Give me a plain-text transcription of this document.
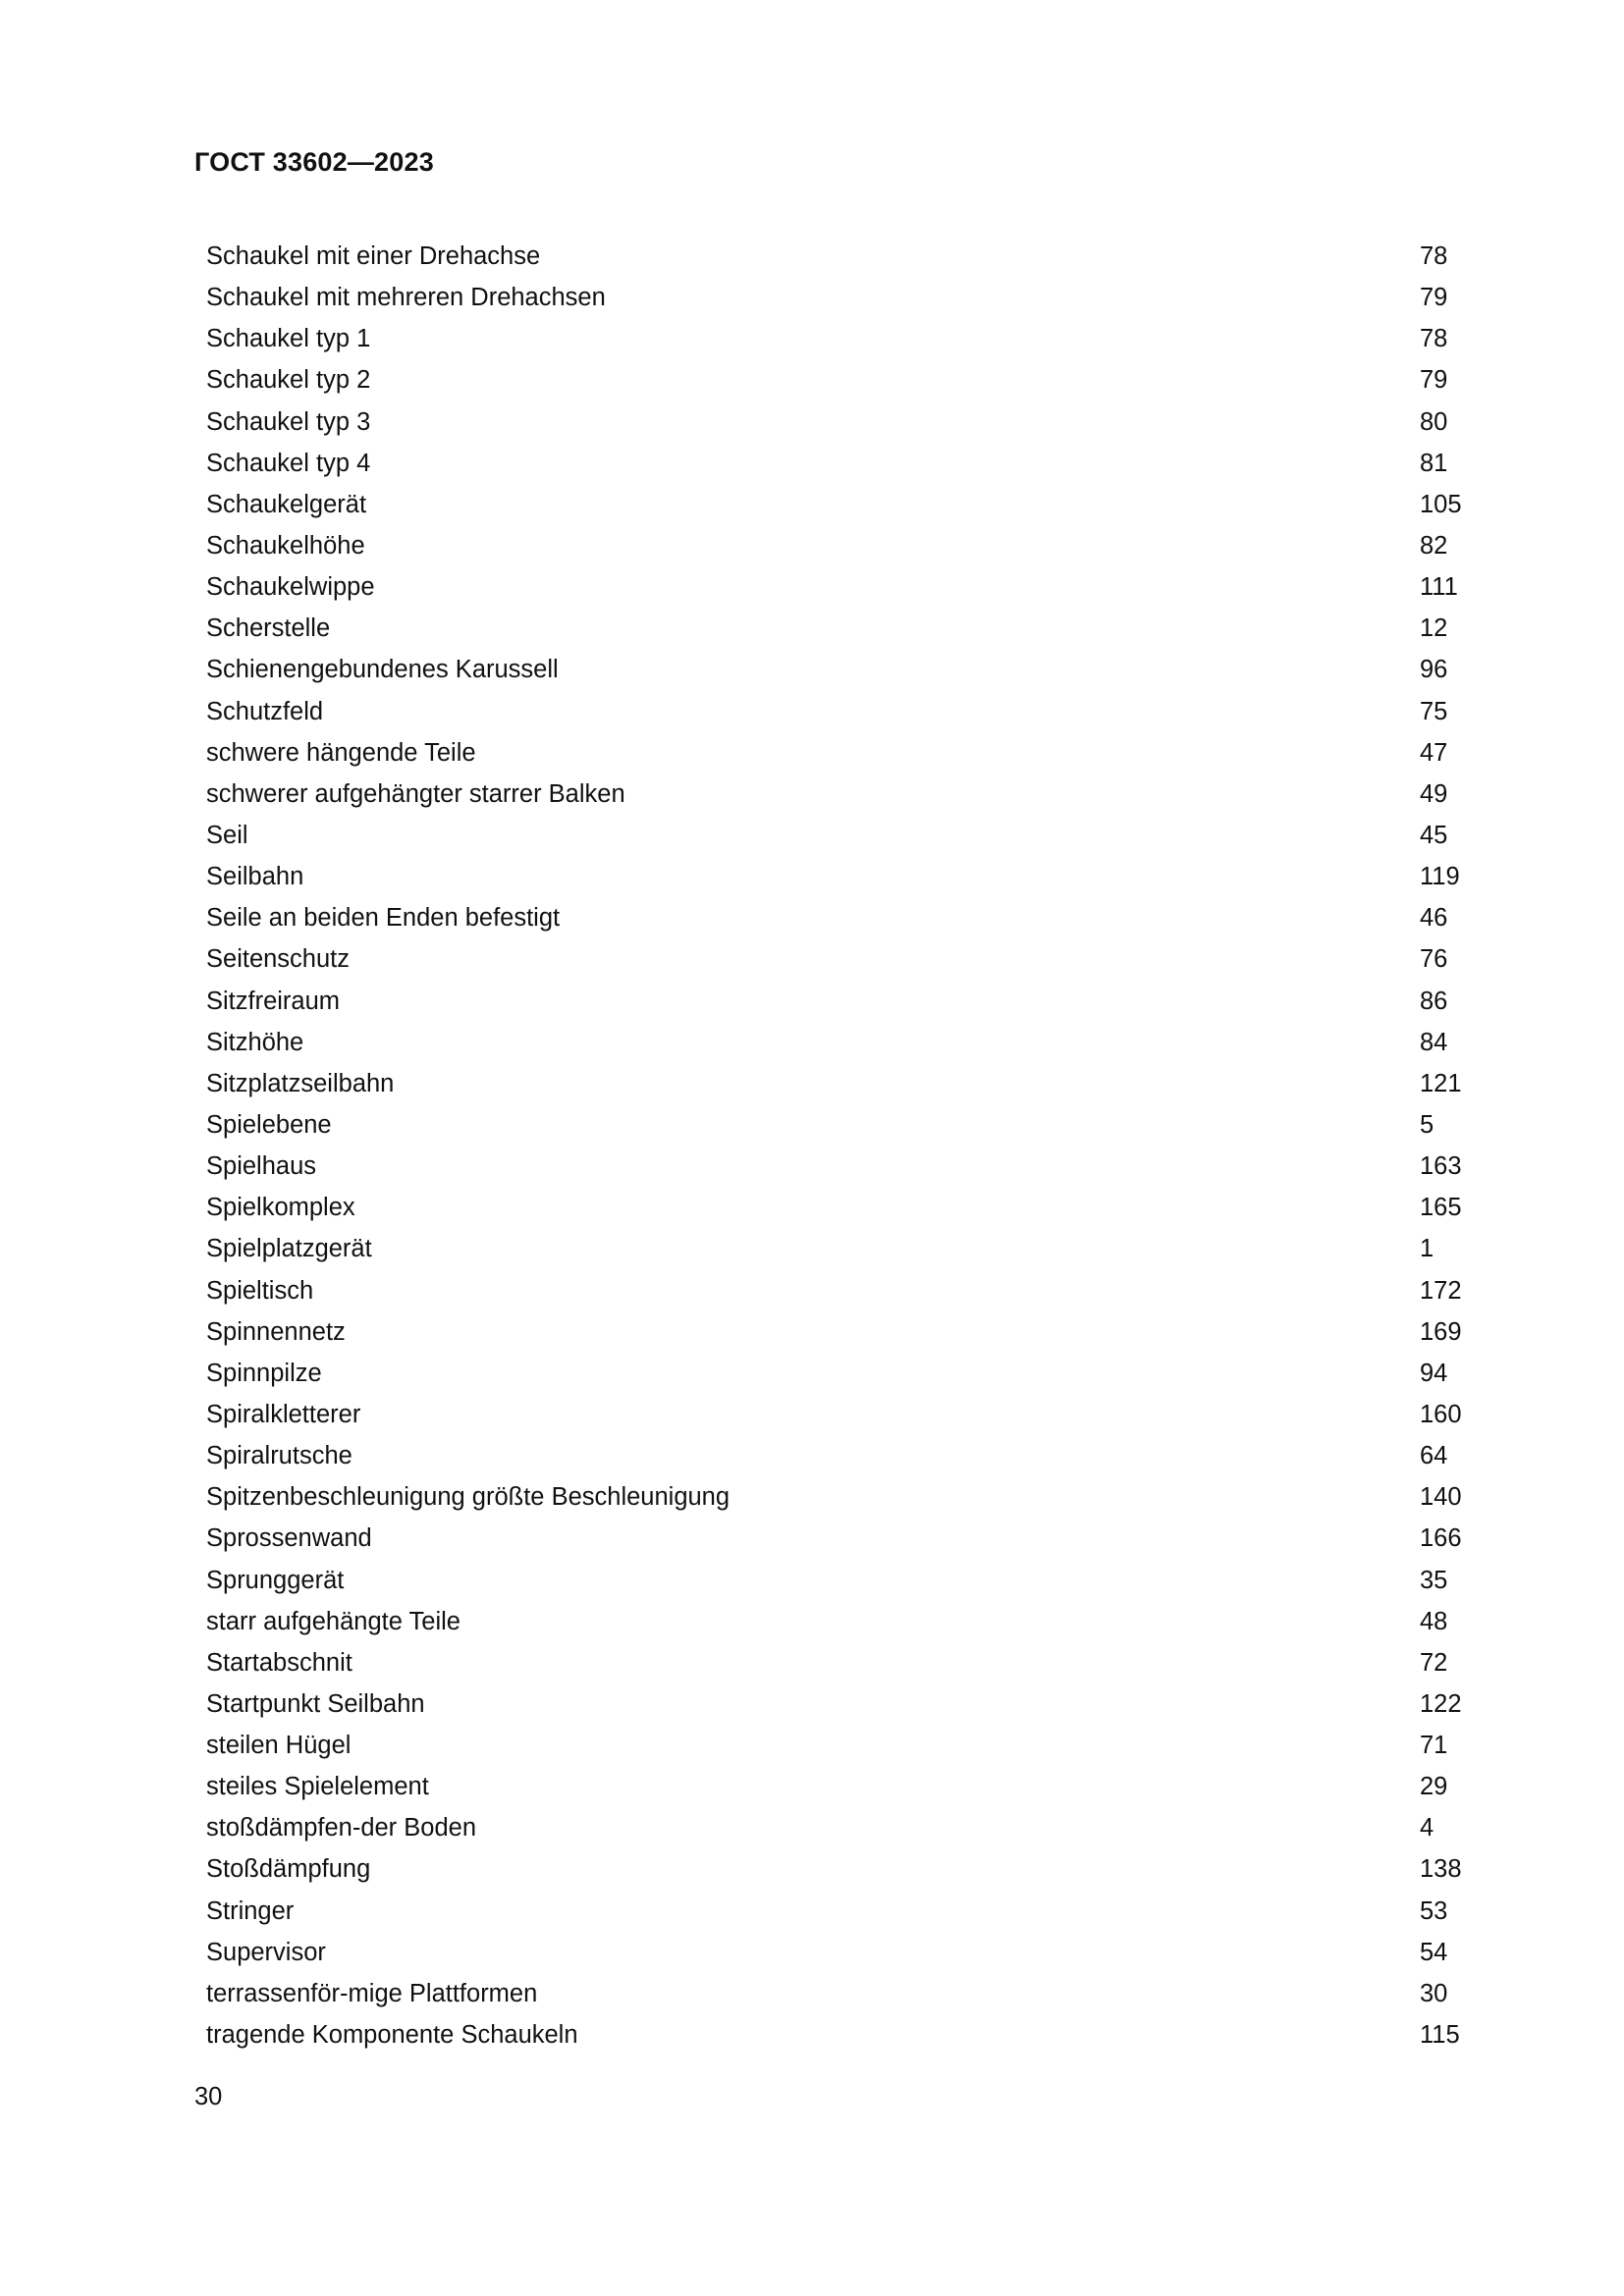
ГОСТ 33602—2023
Schaukel mit einer Drehachse	78
Schaukel mit mehreren Drehachsen	79
Schaukel typ 1	78
Schaukel typ 2	79
Schaukel typ 3	80
Schaukel typ 4	81
Schaukelgerät	105
Schaukelhöhe	82
Schaukelwippe	111
Scherstelle	12
Schienengebundenes Karussell	96
Schutzfeld	75
schwere hängende Teile	47
schwerer aufgehängter starrer Balken	49
Seil	45
Seilbahn	119
Seile an beiden Enden befestigt	46
Seitenschutz	76
Sitzfreiraum	86
Sitzhöhe	84
Sitzplatzseilbahn	121
Spielebene	5
Spielhaus	163
Spielkomplex	165
Spielplatzgerät	1
Spieltisch	172
Spinnennetz	169
Spinnpilze	94
Spiralkletterer	160
Spiralrutsche	64
Spitzenbeschleunigung größte Beschleunigung	140
Sprossenwand	166
Sprunggerät	35
starr aufgehängte Teile	48
Startabschnit	72
Startpunkt Seilbahn	122
steilen Hügel	71
steiles Spielelement	29
stoßdämpfen-der Boden	4
Stoßdämpfung	138
Stringer	53
Supervisor	54
terrassenför-mige Plattformen	30
tragende Komponente Schaukeln	115
30
